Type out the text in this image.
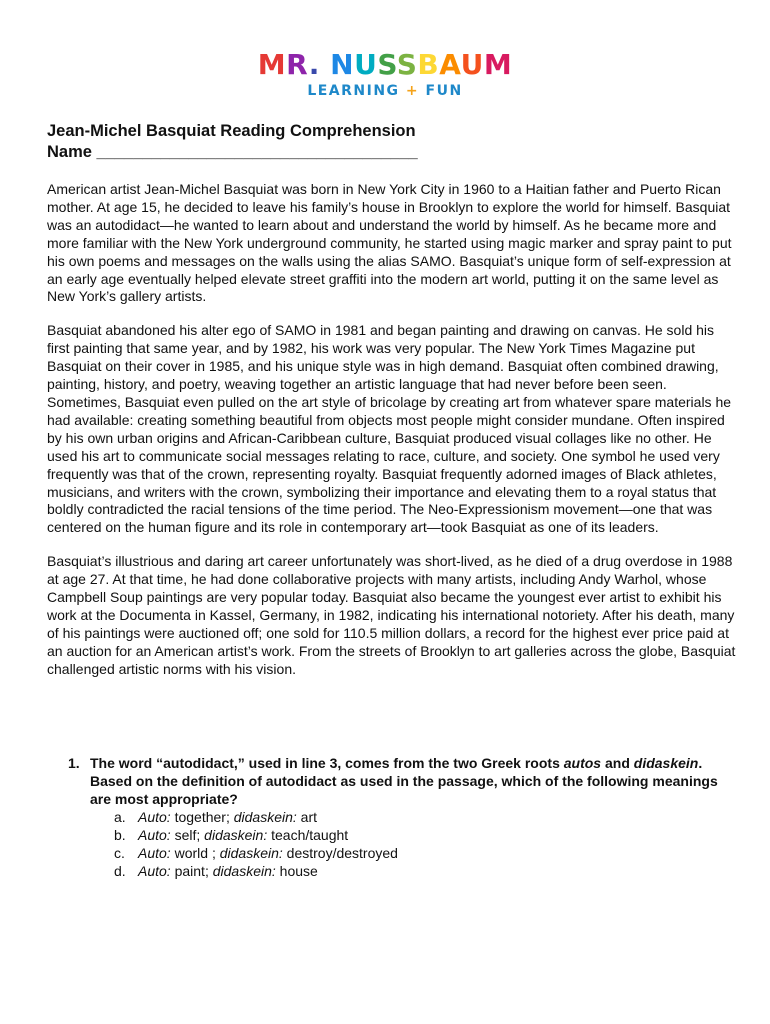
MR. NUSSBAUM
LEARNING + FUN
Jean-Michel Basquiat Reading Comprehension
Name ___________________________________

American artist Jean-Michel Basquiat was born in New York City in 1960 to a Haitian father and Puerto Rican mother. At age 15, he decided to leave his family’s house in Brooklyn to explore the world for himself. Basquiat was an autodidact—he wanted to learn about and understand the world by himself. As he became more and more familiar with the New York underground community, he started using magic marker and spray paint to put his own poems and messages on the walls using the alias SAMO. Basquiat’s unique form of self-expression at an early age eventually helped elevate street graffiti into the modern art world, putting it on the same level as New York’s gallery artists.

Basquiat abandoned his alter ego of SAMO in 1981 and began painting and drawing on canvas. He sold his first painting that same year, and by 1982, his work was very popular. The New York Times Magazine put Basquiat on their cover in 1985, and his unique style was in high demand. Basquiat often combined drawing, painting, history, and poetry, weaving together an artistic language that had never before been seen. Sometimes, Basquiat even pulled on the art style of bricolage by creating art from whatever spare materials he had available: creating something beautiful from objects most people might consider mundane. Often inspired by his own urban origins and African-Caribbean culture, Basquiat produced visual collages like no other. He used his art to communicate social messages relating to race, culture, and society. One symbol he used very frequently was that of the crown, representing royalty. Basquiat frequently adorned images of Black athletes, musicians, and writers with the crown, symbolizing their importance and elevating them to a royal status that boldly contradicted the racial tensions of the time period. The Neo-Expressionism movement—one that was centered on the human figure and its role in contemporary art—took Basquiat as one of its leaders.

Basquiat’s illustrious and daring art career unfortunately was short-lived, as he died of a drug overdose in 1988 at age 27. At that time, he had done collaborative projects with many artists, including Andy Warhol, whose Campbell Soup paintings are very popular today. Basquiat also became the youngest ever artist to exhibit his work at the Documenta in Kassel, Germany, in 1982, indicating his international notoriety. After his death, many of his paintings were auctioned off; one sold for 110.5 million dollars, a record for the highest ever price paid at an auction for an American artist’s work. From the streets of Brooklyn to art galleries across the globe, Basquiat challenged artistic norms with his vision.

1. The word “autodidact,” used in line 3, comes from the two Greek roots autos and didaskein. Based on the definition of autodidact as used in the passage, which of the following meanings are most appropriate?
a. Auto: together; didaskein: art
b. Auto: self; didaskein: teach/taught
c. Auto: world ; didaskein: destroy/destroyed
d. Auto: paint; didaskein: house
